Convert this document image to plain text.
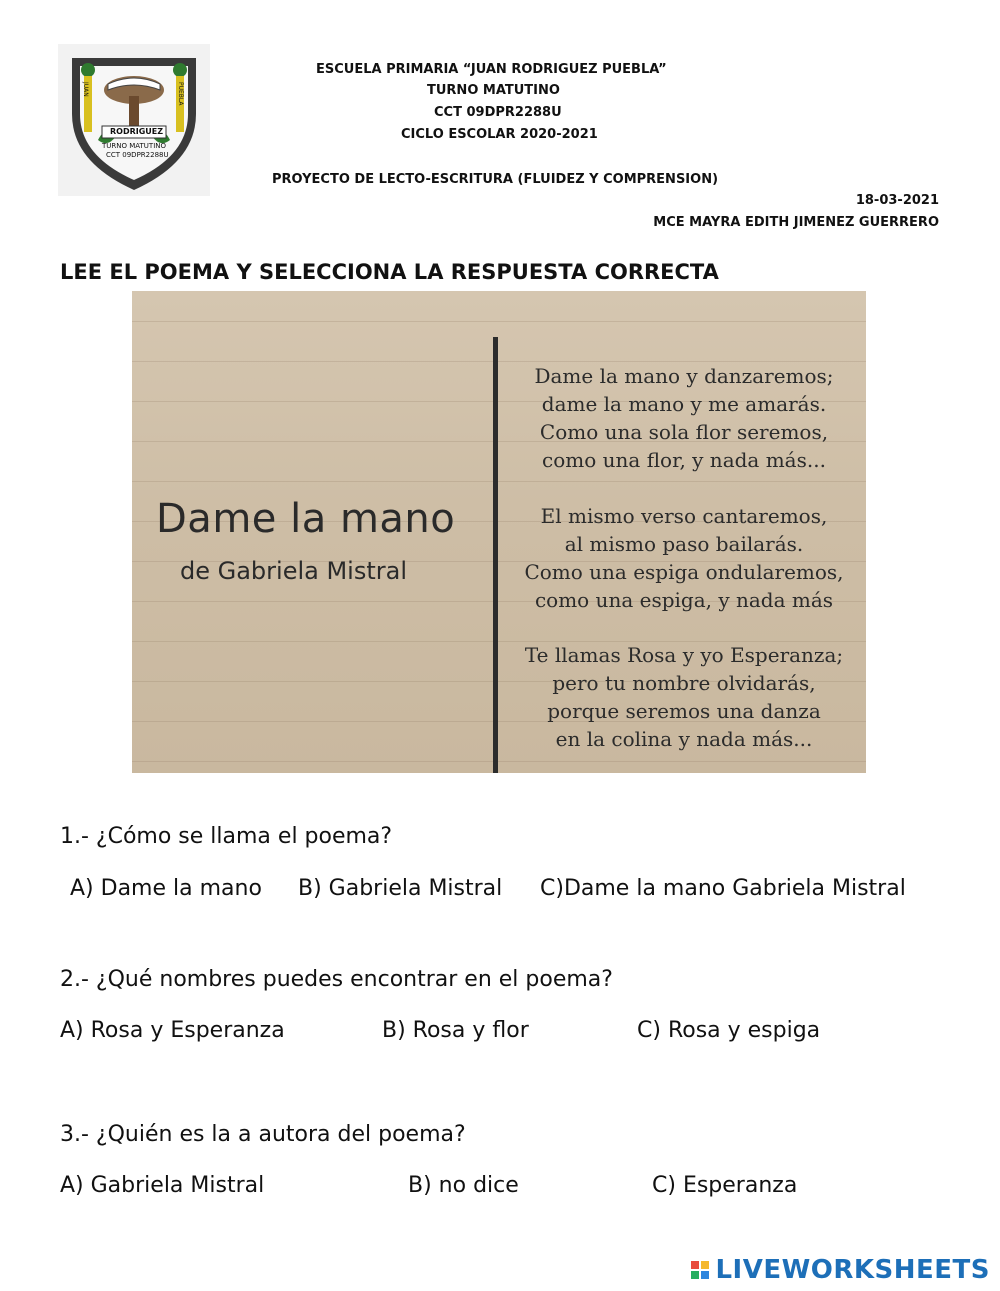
RODRIGUEZ
JUAN	PUEBLA
TURNO MATUTINO
CCT 09DPR2288U
ESCUELA PRIMARIA “JUAN RODRIGUEZ PUEBLA”
TURNO MATUTINO
CCT 09DPR2288U
CICLO ESCOLAR 2020-2021
PROYECTO DE LECTO-ESCRITURA (FLUIDEZ Y COMPRENSION)
18-03-2021
MCE MAYRA EDITH JIMENEZ GUERRERO
LEE EL POEMA Y SELECCIONA LA RESPUESTA CORRECTA
Dame la mano
de Gabriela Mistral
Dame la mano y danzaremos;
dame la mano y me amarás.
Como una sola flor seremos,
como una flor, y nada más...
El mismo verso cantaremos,
al mismo paso bailarás.
Como una espiga ondularemos,
como una espiga, y nada más
Te llamas Rosa y yo Esperanza;
pero tu nombre olvidarás,
porque seremos una danza
en la colina y nada más...
1.- ¿Cómo se llama el poema?
A) Dame la mano B) Gabriela Mistral C)Dame la mano Gabriela Mistral
2.- ¿Qué nombres puedes encontrar en el poema?
A) Rosa y Esperanza	B) Rosa y flor	C) Rosa y espiga
3.- ¿Quién es la a autora del poema?
A) Gabriela Mistral	B) no dice	C) Esperanza
LIVEWORKSHEETS
